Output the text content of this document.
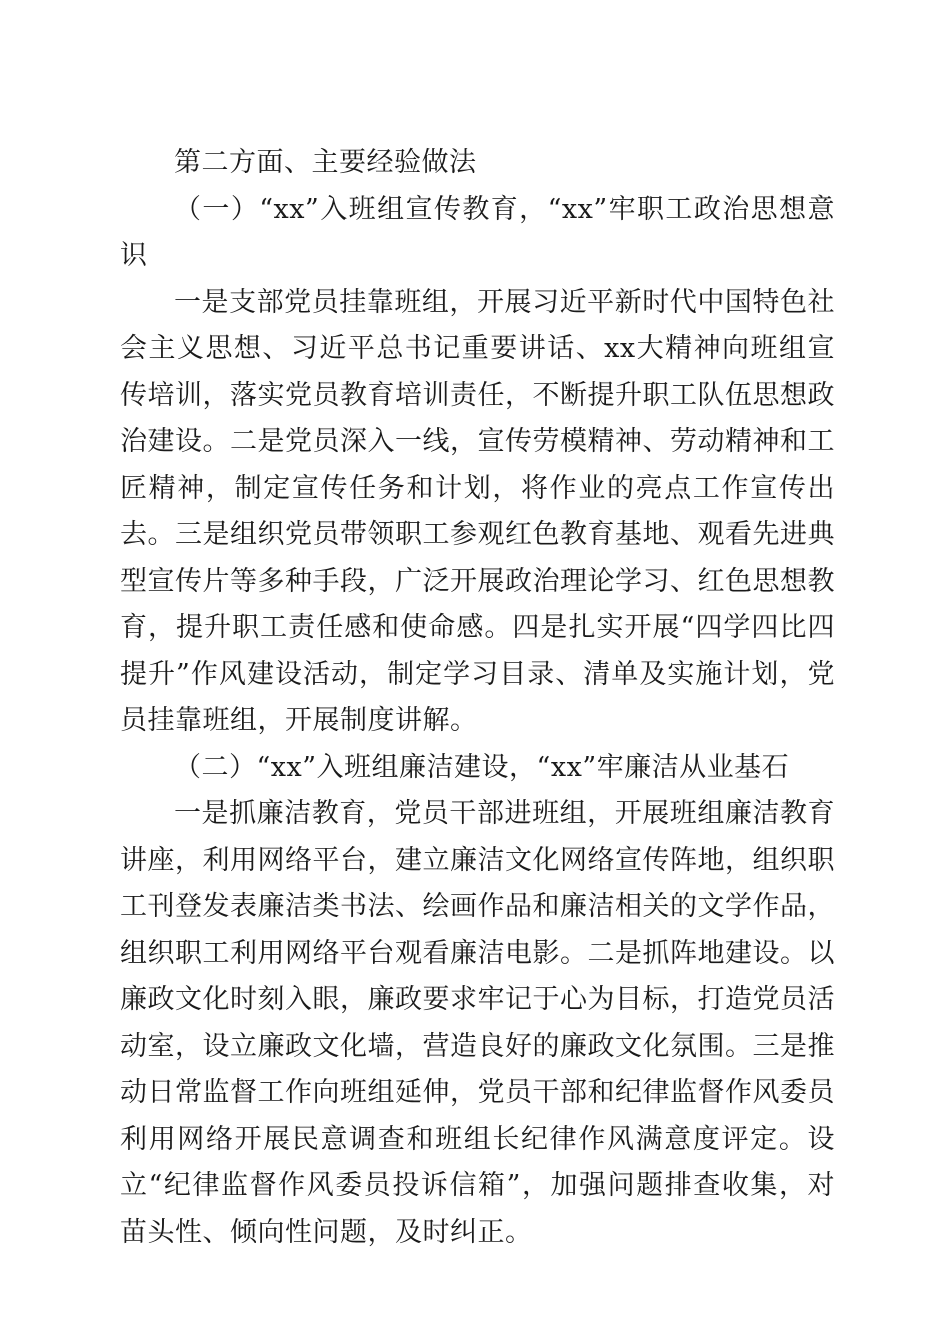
第二方面、主要经验做法

（一）“xx”入班组宣传教育，“xx”牢职工政治思想意识

一是支部党员挂靠班组，开展习近平新时代中国特色社会主义思想、习近平总书记重要讲话、xx大精神向班组宣传培训，落实党员教育培训责任，不断提升职工队伍思想政治建设。二是党员深入一线，宣传劳模精神、劳动精神和工匠精神，制定宣传任务和计划，将作业的亮点工作宣传出去。三是组织党员带领职工参观红色教育基地、观看先进典型宣传片等多种手段，广泛开展政治理论学习、红色思想教育，提升职工责任感和使命感。四是扎实开展“四学四比四提升”作风建设活动，制定学习目录、清单及实施计划，党员挂靠班组，开展制度讲解。

（二）“xx”入班组廉洁建设，“xx”牢廉洁从业基石

一是抓廉洁教育，党员干部进班组，开展班组廉洁教育讲座，利用网络平台，建立廉洁文化网络宣传阵地，组织职工刊登发表廉洁类书法、绘画作品和廉洁相关的文学作品，组织职工利用网络平台观看廉洁电影。二是抓阵地建设。以廉政文化时刻入眼，廉政要求牢记于心为目标，打造党员活动室，设立廉政文化墙，营造良好的廉政文化氛围。三是推动日常监督工作向班组延伸，党员干部和纪律监督作风委员利用网络开展民意调查和班组长纪律作风满意度评定。设立“纪律监督作风委员投诉信箱”，加强问题排查收集，对苗头性、倾向性问题，及时纠正。
